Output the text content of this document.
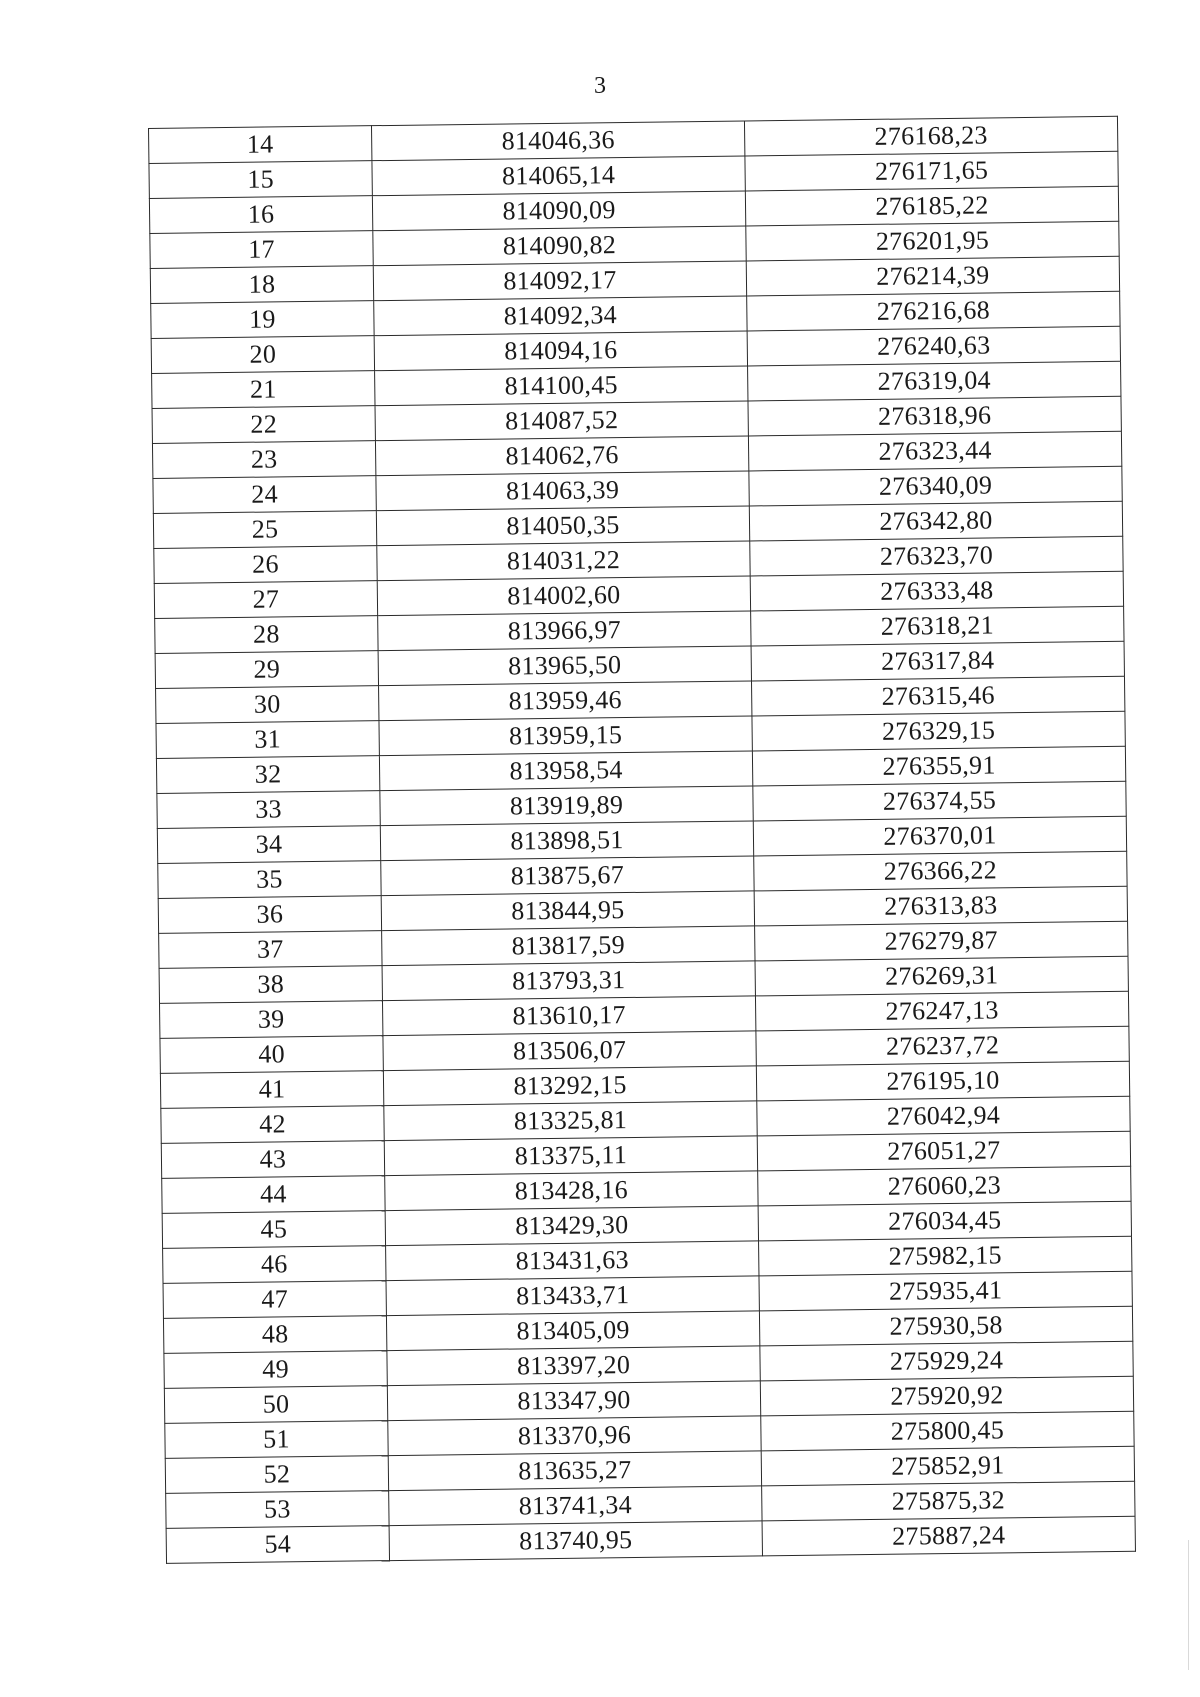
3
14	814046,36	276168,23
15	814065,14	276171,65
16	814090,09	276185,22
17	814090,82	276201,95
18	814092,17	276214,39
19	814092,34	276216,68
20	814094,16	276240,63
21	814100,45	276319,04
22	814087,52	276318,96
23	814062,76	276323,44
24	814063,39	276340,09
25	814050,35	276342,80
26	814031,22	276323,70
27	814002,60	276333,48
28	813966,97	276318,21
29	813965,50	276317,84
30	813959,46	276315,46
31	813959,15	276329,15
32	813958,54	276355,91
33	813919,89	276374,55
34	813898,51	276370,01
35	813875,67	276366,22
36	813844,95	276313,83
37	813817,59	276279,87
38	813793,31	276269,31
39	813610,17	276247,13
40	813506,07	276237,72
41	813292,15	276195,10
42	813325,81	276042,94
43	813375,11	276051,27
44	813428,16	276060,23
45	813429,30	276034,45
46	813431,63	275982,15
47	813433,71	275935,41
48	813405,09	275930,58
49	813397,20	275929,24
50	813347,90	275920,92
51	813370,96	275800,45
52	813635,27	275852,91
53	813741,34	275875,32
54	813740,95	275887,24
